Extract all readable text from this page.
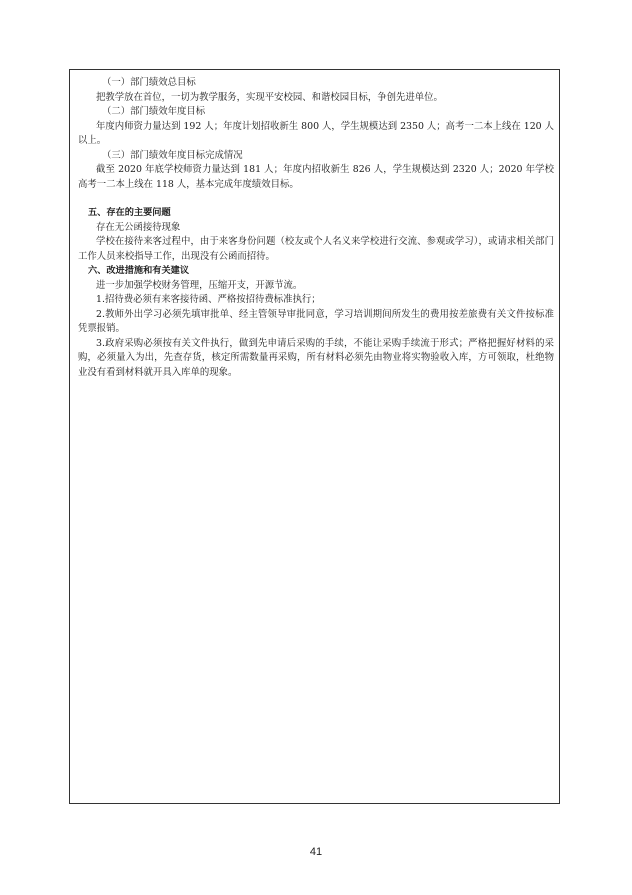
（一）部门绩效总目标
把教学放在首位，一切为教学服务，实现平安校园、和谐校园目标，争创先进单位。
（二）部门绩效年度目标
年度内师资力量达到 192 人；年度计划招收新生 800 人，学生规模达到 2350 人；高考一二本上线在 120 人以上。
（三）部门绩效年度目标完成情况
截至 2020 年底学校师资力量达到 181 人；年度内招收新生 826 人，学生规模达到 2320 人；2020 年学校高考一二本上线在 118 人，基本完成年度绩效目标。
五、存在的主要问题
存在无公函接待现象
学校在接待来客过程中，由于来客身份问题（校友或个人名义来学校进行交流、参观或学习），或请求相关部门工作人员来校指导工作，出现没有公函而招待。
六、改进措施和有关建议
进一步加强学校财务管理，压缩开支，开源节流。
1.招待费必须有来客接待函、严格按招待费标准执行；
2.教师外出学习必须先填审批单、经主管领导审批同意，学习培训期间所发生的费用按差旅费有关文件按标准凭票报销。
3.政府采购必须按有关文件执行，做到先申请后采购的手续，不能让采购手续流于形式；严格把握好材料的采购，必须量入为出，先查存货，核定所需数量再采购，所有材料必须先由物业将实物验收入库，方可领取，杜绝物业没有看到材料就开具入库单的现象。
41
